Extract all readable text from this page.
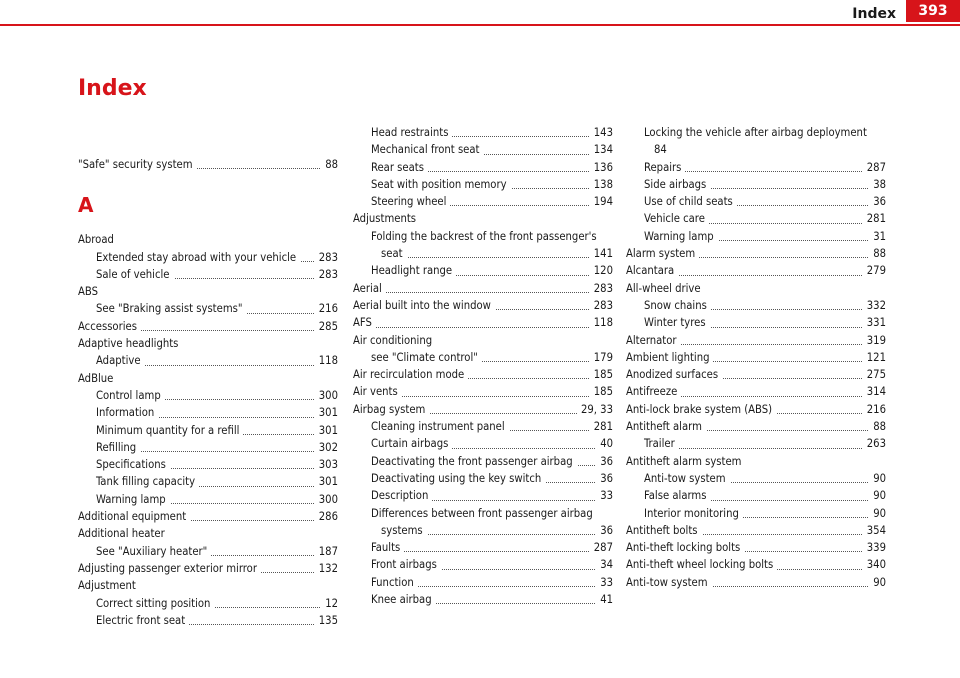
Index	393
Index
"Safe" security system	88
A
Abroad
Extended stay abroad with your vehicle	283
Sale of vehicle	283
ABS
See "Braking assist systems"	216
Accessories	285
Adaptive headlights
Adaptive	118
AdBlue
Control lamp	300
Information	301
Minimum quantity for a refill	301
Refilling	302
Specifications	303
Tank filling capacity	301
Warning lamp	300
Additional equipment	286
Additional heater
See "Auxiliary heater"	187
Adjusting passenger exterior mirror	132
Adjustment
Correct sitting position	12
Electric front seat	135
Head restraints	143
Mechanical front seat	134
Rear seats	136
Seat with position memory	138
Steering wheel	194
Adjustments
Folding the backrest of the front passenger's
seat	141
Headlight range	120
Aerial	283
Aerial built into the window	283
AFS	118
Air conditioning
see "Climate control"	179
Air recirculation mode	185
Air vents	185
Airbag system	29, 33
Cleaning instrument panel	281
Curtain airbags	40
Deactivating the front passenger airbag	36
Deactivating using the key switch	36
Description	33
Differences between front passenger airbag
systems	36
Faults	287
Front airbags	34
Function	33
Knee airbag	41
Locking the vehicle after airbag deployment
84
Repairs	287
Side airbags	38
Use of child seats	36
Vehicle care	281
Warning lamp	31
Alarm system	88
Alcantara	279
All-wheel drive
Snow chains	332
Winter tyres	331
Alternator	319
Ambient lighting	121
Anodized surfaces	275
Antifreeze	314
Anti-lock brake system (ABS)	216
Antitheft alarm	88
Trailer	263
Antitheft alarm system
Anti-tow system	90
False alarms	90
Interior monitoring	90
Antitheft bolts	354
Anti-theft locking bolts	339
Anti-theft wheel locking bolts	340
Anti-tow system	90
